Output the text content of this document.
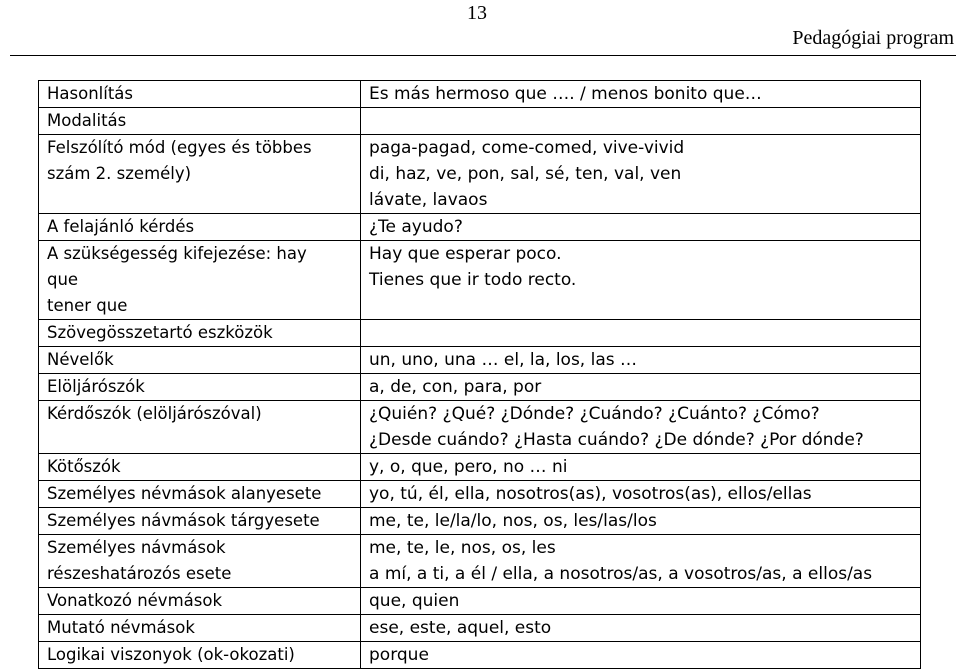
13
Pedagógiai program
Hasonlítás	Es más hermoso que …. / menos bonito que…

Modalitás	

Felszólító mód (egyes és többes
szám 2. személy)	paga-pagad, come-comed, vive-vivid
di, haz, ve, pon, sal, sé, ten, val, ven
lávate, lavaos

A felajánló kérdés	¿Te ayudo?

A szükségesség kifejezése: hay
que
tener que	Hay que esperar poco.
Tienes que ir todo recto.

Szövegösszetartó eszközök	

Névelők	un, uno, una … el, la, los, las …

Elöljárószók	a, de, con, para, por

Kérdőszók (elöljárószóval)	¿Quién? ¿Qué? ¿Dónde? ¿Cuándo? ¿Cuánto? ¿Cómo?
¿Desde cuándo? ¿Hasta cuándo? ¿De dónde? ¿Por dónde?

Kötőszók	y, o, que, pero, no … ni

Személyes névmások alanyesete	yo, tú, él, ella, nosotros(as), vosotros(as), ellos/ellas

Személyes návmások tárgyesete	me, te, le/la/lo, nos, os, les/las/los

Személyes návmások
részeshatározós esete	me, te, le, nos, os, les
a mí, a ti, a él / ella, a nosotros/as, a vosotros/as, a ellos/as

Vonatkozó névmások	que, quien

Mutató névmások	ese, este, aquel, esto

Logikai viszonyok (ok-okozati)	porque
